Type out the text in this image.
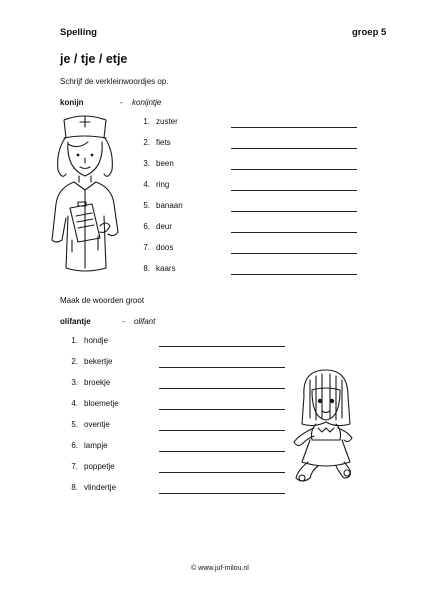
Spelling	groep 5
je / tje / etje
Schrijf de verkleinwoordjes op.
konijn	- konijntje
1. zuster
2. fiets
3. been
4. ring
5. banaan
6. deur
7. doos
8. kaars
Maak de woorden groot
olifantje	- olifant
1. hondje
2. bekertje
3. broekje
4. bloemetje
5. oventje
6. lampje
7. poppetje
8. vlindertje
© www.juf-milou.nl
